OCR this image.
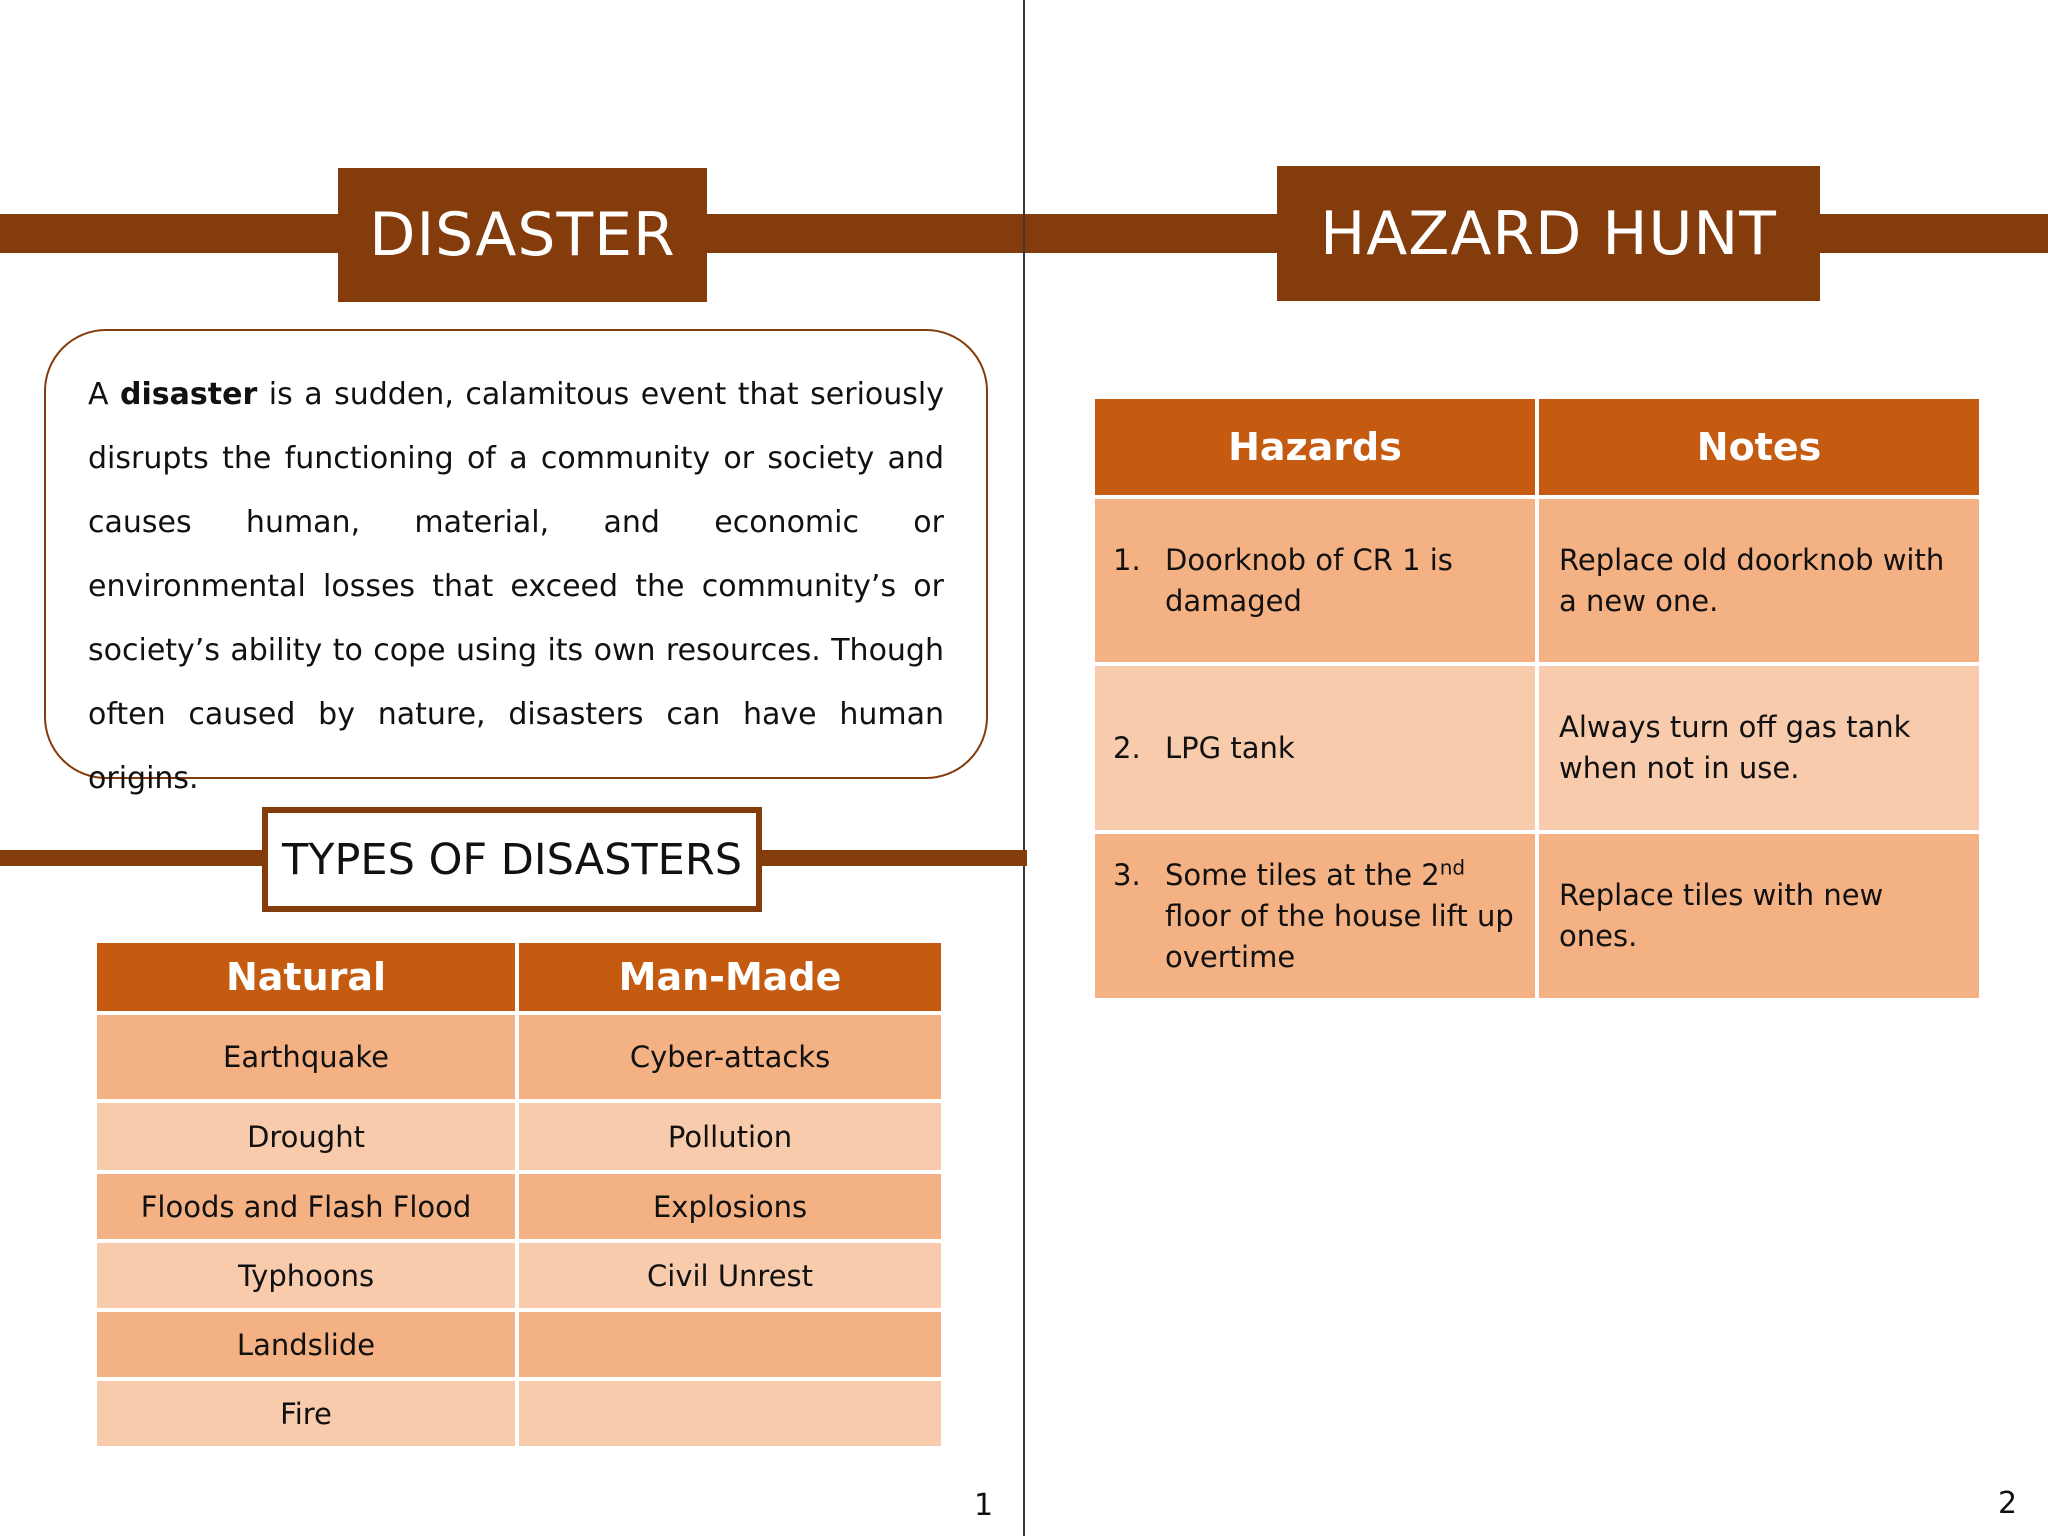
DISASTER

A disaster is a sudden, calamitous event that seriously disrupts the functioning of a community or society and causes human, material, and economic or environmental losses that exceed the community’s or society’s ability to cope using its own resources. Though often caused by nature, disasters can have human origins.

TYPES OF DISASTERS
Natural	Man-Made
Earthquake	Cyber-attacks
Drought	Pollution
Floods and Flash Flood	Explosions
Typhoons	Civil Unrest
Landslide	
Fire	
1
HAZARD HUNT
Hazards	Notes

1. Doorknob of CR 1 is damaged	Replace old doorknob with a new one.

2. LPG tank	Always turn off gas tank when not in use.

3. Some tiles at the 2nd floor of the house lift up overtime	Replace tiles with new ones.
2
